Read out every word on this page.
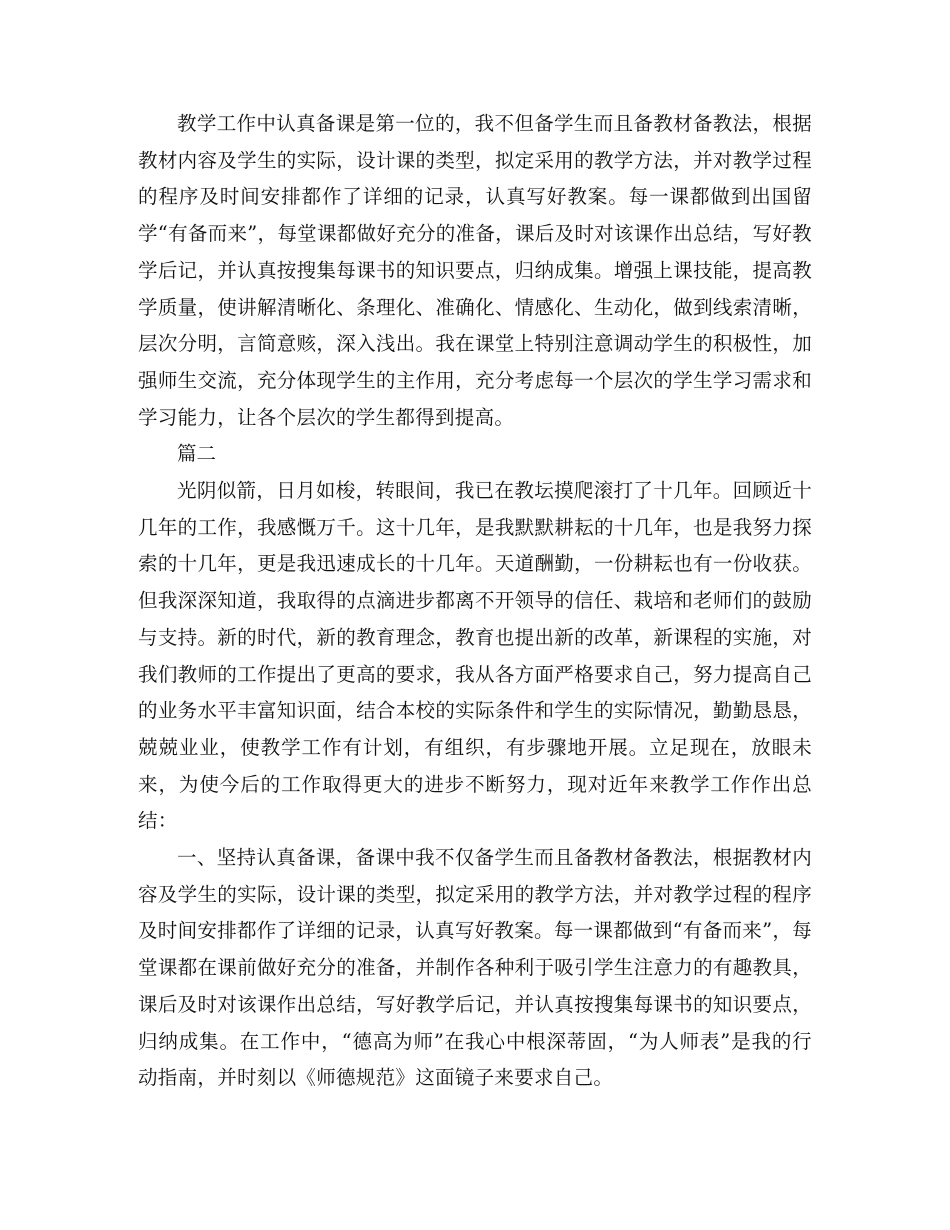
教学工作中认真备课是第一位的，我不但备学生而且备教材备教法，根据教材内容及学生的实际，设计课的类型，拟定采用的教学方法，并对教学过程的程序及时间安排都作了详细的记录，认真写好教案。每一课都做到出国留学“有备而来”，每堂课都做好充分的准备，课后及时对该课作出总结，写好教学后记，并认真按搜集每课书的知识要点，归纳成集。增强上课技能，提高教学质量，使讲解清晰化、条理化、准确化、情感化、生动化，做到线索清晰，层次分明，言简意赅，深入浅出。我在课堂上特别注意调动学生的积极性，加强师生交流，充分体现学生的主作用，充分考虑每一个层次的学生学习需求和学习能力，让各个层次的学生都得到提高。

篇二

光阴似箭，日月如梭，转眼间，我已在教坛摸爬滚打了十几年。回顾近十几年的工作，我感慨万千。这十几年，是我默默耕耘的十几年，也是我努力探索的十几年，更是我迅速成长的十几年。天道酬勤，一份耕耘也有一份收获。但我深深知道，我取得的点滴进步都离不开领导的信任、栽培和老师们的鼓励与支持。新的时代，新的教育理念，教育也提出新的改革，新课程的实施，对我们教师的工作提出了更高的要求，我从各方面严格要求自己，努力提高自己的业务水平丰富知识面，结合本校的实际条件和学生的实际情况，勤勤恳恳，兢兢业业，使教学工作有计划，有组织，有步骤地开展。立足现在，放眼未来，为使今后的工作取得更大的进步不断努力，现对近年来教学工作作出总结：

一、坚持认真备课，备课中我不仅备学生而且备教材备教法，根据教材内容及学生的实际，设计课的类型，拟定采用的教学方法，并对教学过程的程序及时间安排都作了详细的记录，认真写好教案。每一课都做到“有备而来”，每堂课都在课前做好充分的准备，并制作各种利于吸引学生注意力的有趣教具，课后及时对该课作出总结，写好教学后记，并认真按搜集每课书的知识要点，归纳成集。在工作中，“德高为师”在我心中根深蒂固，“为人师表”是我的行动指南，并时刻以《师德规范》这面镜子来要求自己。
